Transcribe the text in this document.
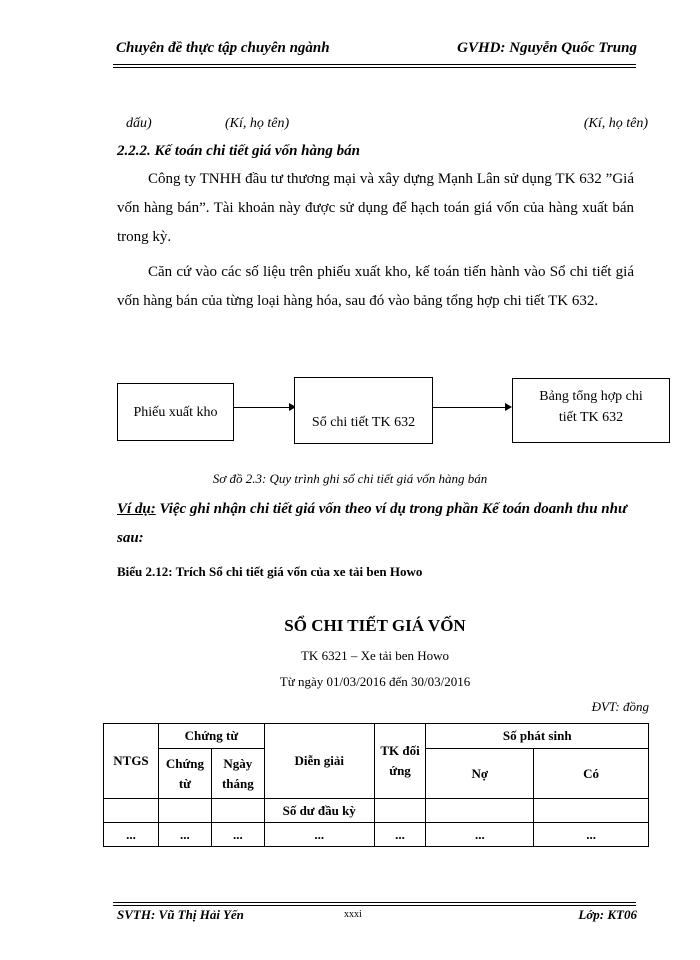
Chuyên đề thực tập chuyên ngành	GVHD: Nguyễn Quốc Trung
dấu)	(Kí, họ tên)	(Kí, họ tên)
2.2.2. Kế toán chi tiết giá vốn hàng bán
Công ty TNHH đầu tư thương mại và xây dựng Mạnh Lân sử dụng TK 632 ”Giá vốn hàng bán”. Tài khoản này được sử dụng để hạch toán giá vốn của hàng xuất bán trong kỳ.
Căn cứ vào các số liệu trên phiếu xuất kho, kế toán tiến hành vào Sổ chi tiết giá vốn hàng bán của từng loại hàng hóa, sau đó vào bảng tổng hợp chi tiết TK 632.
Phiếu xuất kho
Sổ chi tiết TK 632
Bảng tổng hợp chi tiết TK 632
Sơ đồ 2.3: Quy trình ghi sổ chi tiết giá vốn hàng bán
Ví dụ: Việc ghi nhận chi tiết giá vốn theo ví dụ trong phần Kế toán doanh thu như sau:
Biểu 2.12: Trích Sổ chi tiết giá vốn của xe tải ben Howo
SỔ CHI TIẾT GIÁ VỐN
TK 6321 – Xe tải ben Howo
Từ ngày 01/03/2016 đến 30/03/2016
ĐVT: đồng
NTGS	Chứng từ		Diễn giải	TK đối ứng	Số phát sinh	
	Chứng từ	Ngày tháng			Nợ	Có
			Số dư đầu kỳ			
...	...	...	...	...	...	...
SVTH: Vũ Thị Hải Yến	xxxi	Lớp: KT06
